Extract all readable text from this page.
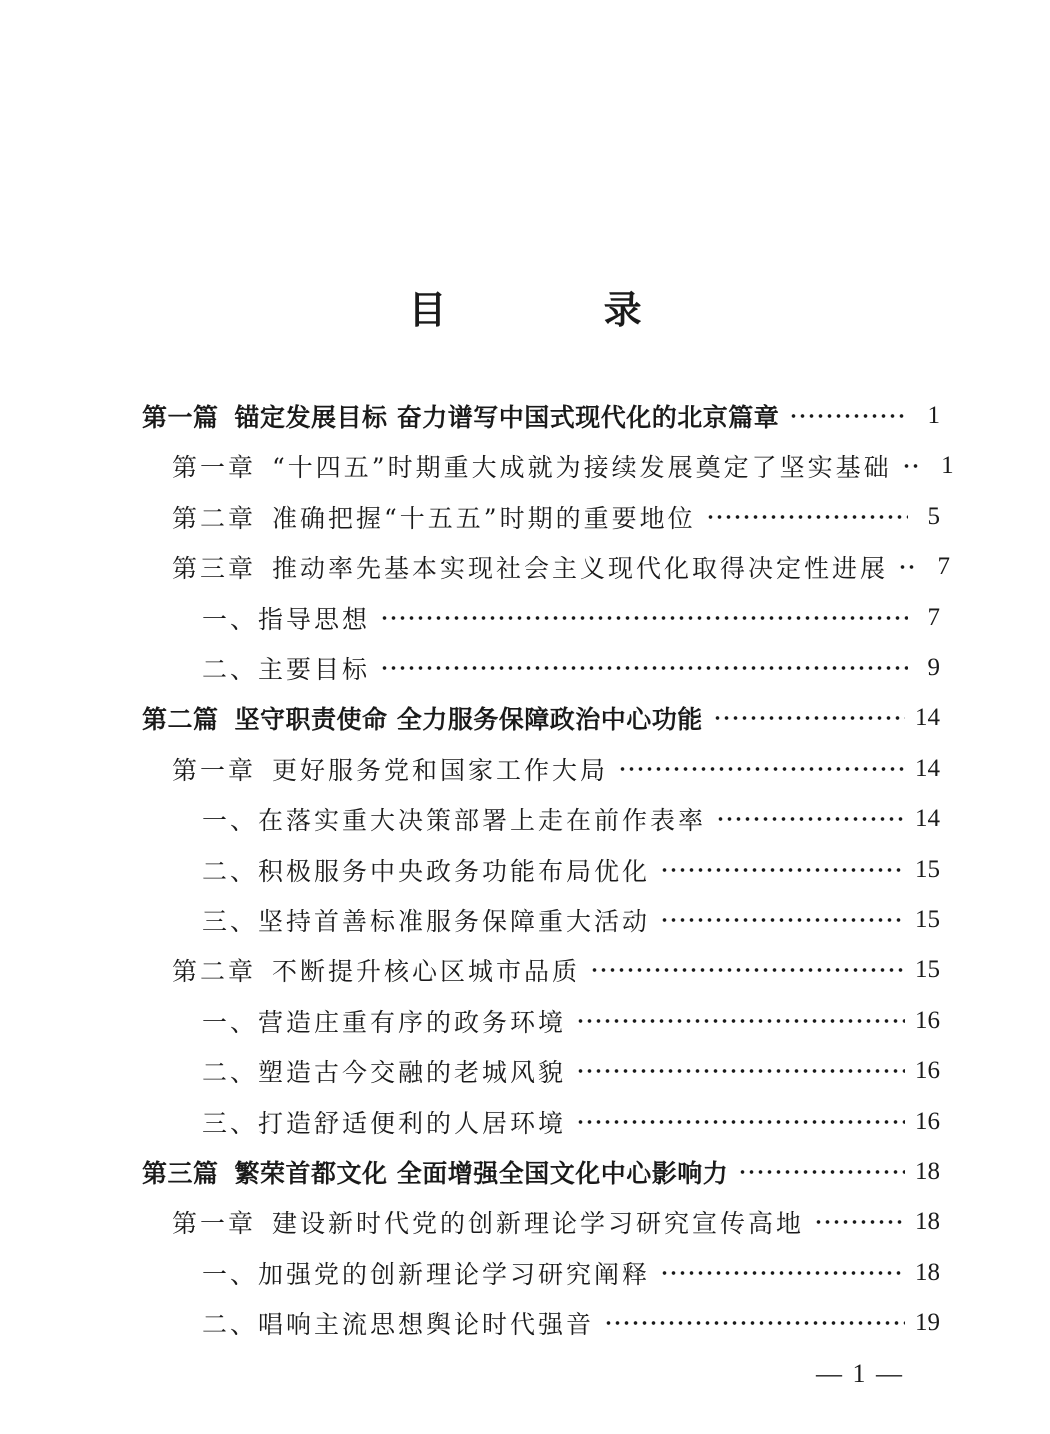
目 录
第一篇 锚定发展目标 奋力谱写中国式现代化的北京篇章	1
第一章 “十四五”时期重大成就为接续发展奠定了坚实基础	1
第二章 准确把握“十五五”时期的重要地位	5
第三章 推动率先基本实现社会主义现代化取得决定性进展	7
一、指导思想	7
二、主要目标	9
第二篇 坚守职责使命 全力服务保障政治中心功能	14
第一章 更好服务党和国家工作大局	14
一、在落实重大决策部署上走在前作表率	14
二、积极服务中央政务功能布局优化	15
三、坚持首善标准服务保障重大活动	15
第二章 不断提升核心区城市品质	15
一、营造庄重有序的政务环境	16
二、塑造古今交融的老城风貌	16
三、打造舒适便利的人居环境	16
第三篇 繁荣首都文化 全面增强全国文化中心影响力	18
第一章 建设新时代党的创新理论学习研究宣传高地	18
一、加强党的创新理论学习研究阐释	18
二、唱响主流思想舆论时代强音	19
— 1 —
